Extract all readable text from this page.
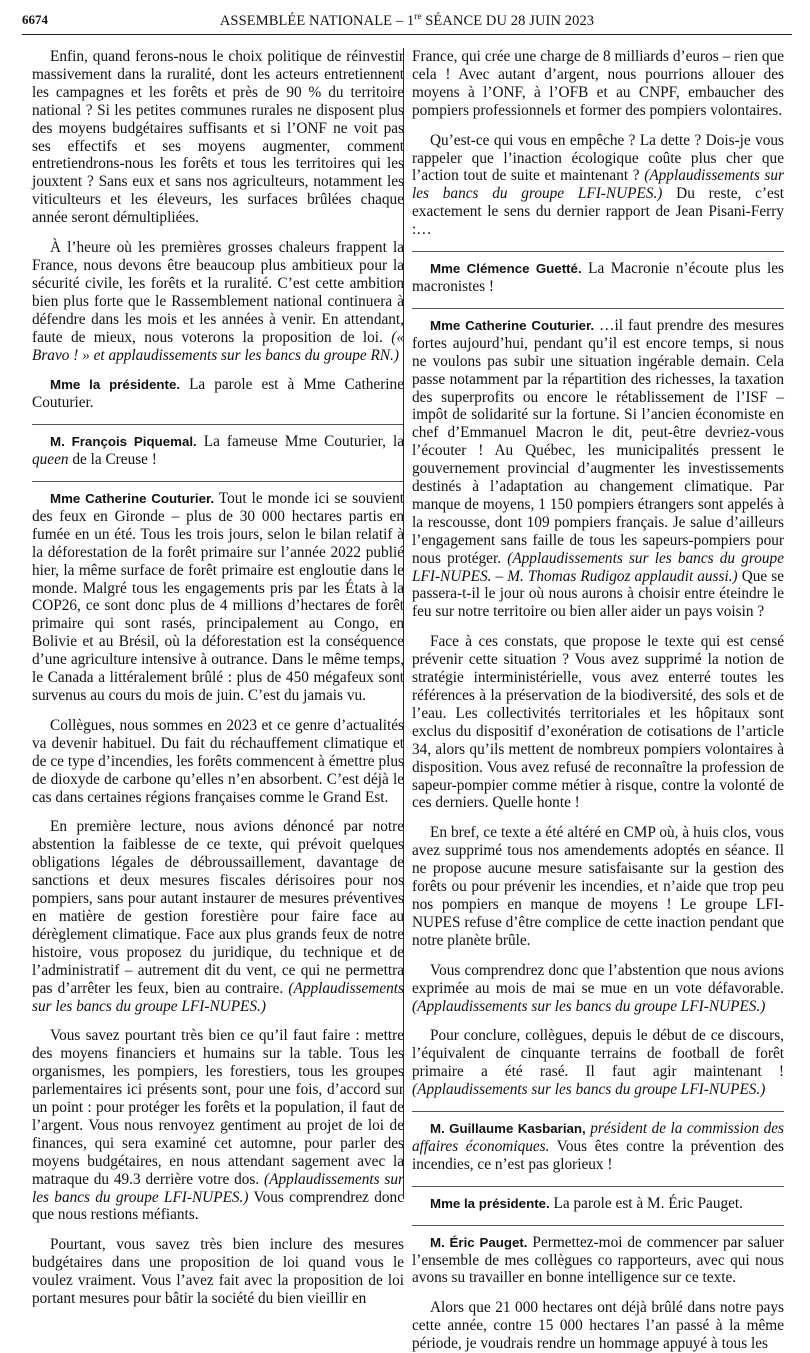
6674	ASSEMBLÉE NATIONALE – 1re SÉANCE DU 28 JUIN 2023

Enfin, quand ferons-nous le choix politique de réinvestir massivement dans la ruralité, dont les acteurs entretiennent les campagnes et les forêts et près de 90 % du territoire national ? Si les petites communes rurales ne disposent plus des moyens budgétaires suffisants et si l’ONF ne voit pas ses effectifs et ses moyens augmenter, comment entretiendrons-nous les forêts et tous les territoires qui les jouxtent ? Sans eux et sans nos agriculteurs, notamment les viticulteurs et les éleveurs, les surfaces brûlées chaque année seront démultipliées.

À l’heure où les premières grosses chaleurs frappent la France, nous devons être beaucoup plus ambitieux pour la sécurité civile, les forêts et la ruralité. C’est cette ambition bien plus forte que le Rassemblement national continuera à défendre dans les mois et les années à venir. En attendant, faute de mieux, nous voterons la proposition de loi. (« Bravo ! » et applaudissements sur les bancs du groupe RN.)

Mme la présidente. La parole est à Mme Catherine Couturier.

M. François Piquemal. La fameuse Mme Couturier, la queen de la Creuse !

Mme Catherine Couturier. Tout le monde ici se souvient des feux en Gironde – plus de 30 000 hectares partis en fumée en un été. Tous les trois jours, selon le bilan relatif à la déforestation de la forêt primaire sur l’année 2022 publié hier, la même surface de forêt primaire est engloutie dans le monde. Malgré tous les engagements pris par les États à la COP26, ce sont donc plus de 4 millions d’hectares de forêt primaire qui sont rasés, principalement au Congo, en Bolivie et au Brésil, où la déforestation est la conséquence d’une agriculture intensive à outrance. Dans le même temps, le Canada a littéralement brûlé : plus de 450 mégafeux sont survenus au cours du mois de juin. C’est du jamais vu.

Collègues, nous sommes en 2023 et ce genre d’actualités va devenir habituel. Du fait du réchauffement climatique et de ce type d’incendies, les forêts commencent à émettre plus de dioxyde de carbone qu’elles n’en absorbent. C’est déjà le cas dans certaines régions françaises comme le Grand Est.

En première lecture, nous avions dénoncé par notre abstention la faiblesse de ce texte, qui prévoit quelques obligations légales de débroussaillement, davantage de sanctions et deux mesures fiscales dérisoires pour nos pompiers, sans pour autant instaurer de mesures préventives en matière de gestion forestière pour faire face au dérèglement climatique. Face aux plus grands feux de notre histoire, vous proposez du juridique, du technique et de l’administratif – autrement dit du vent, ce qui ne permettra pas d’arrêter les feux, bien au contraire. (Applaudissements sur les bancs du groupe LFI-NUPES.)

Vous savez pourtant très bien ce qu’il faut faire : mettre des moyens financiers et humains sur la table. Tous les organismes, les pompiers, les forestiers, tous les groupes parlementaires ici présents sont, pour une fois, d’accord sur un point : pour protéger les forêts et la population, il faut de l’argent. Vous nous renvoyez gentiment au projet de loi de finances, qui sera examiné cet automne, pour parler des moyens budgétaires, en nous attendant sagement avec la matraque du 49.3 derrière votre dos. (Applaudissements sur les bancs du groupe LFI-NUPES.) Vous comprendrez donc que nous restions méfiants.

Pourtant, vous savez très bien inclure des mesures budgétaires dans une proposition de loi quand vous le voulez vraiment. Vous l’avez fait avec la proposition de loi portant mesures pour bâtir la société du bien vieillir en

France, qui crée une charge de 8 milliards d’euros – rien que cela ! Avec autant d’argent, nous pourrions allouer des moyens à l’ONF, à l’OFB et au CNPF, embaucher des pompiers professionnels et former des pompiers volontaires.

Qu’est-ce qui vous en empêche ? La dette ? Dois-je vous rappeler que l’inaction écologique coûte plus cher que l’action tout de suite et maintenant ? (Applaudissements sur les bancs du groupe LFI-NUPES.) Du reste, c’est exactement le sens du dernier rapport de Jean Pisani-Ferry :…

Mme Clémence Guetté. La Macronie n’écoute plus les macronistes !

Mme Catherine Couturier. …il faut prendre des mesures fortes aujourd’hui, pendant qu’il est encore temps, si nous ne voulons pas subir une situation ingérable demain. Cela passe notamment par la répartition des richesses, la taxation des superprofits ou encore le rétablissement de l’ISF – impôt de solidarité sur la fortune. Si l’ancien économiste en chef d’Emmanuel Macron le dit, peut-être devriez-vous l’écouter ! Au Québec, les municipalités pressent le gouvernement provincial d’augmenter les investissements destinés à l’adaptation au changement climatique. Par manque de moyens, 1 150 pompiers étrangers sont appelés à la rescousse, dont 109 pompiers français. Je salue d’ailleurs l’engagement sans faille de tous les sapeurs-pompiers pour nous protéger. (Applaudissements sur les bancs du groupe LFI-NUPES. – M. Thomas Rudigoz applaudit aussi.) Que se passera-t-il le jour où nous aurons à choisir entre éteindre le feu sur notre territoire ou bien aller aider un pays voisin ?

Face à ces constats, que propose le texte qui est censé prévenir cette situation ? Vous avez supprimé la notion de stratégie interministérielle, vous avez enterré toutes les références à la préservation de la biodiversité, des sols et de l’eau. Les collectivités territoriales et les hôpitaux sont exclus du dispositif d’exonération de cotisations de l’article 34, alors qu’ils mettent de nombreux pompiers volontaires à disposition. Vous avez refusé de reconnaître la profession de sapeur-pompier comme métier à risque, contre la volonté de ces derniers. Quelle honte !

En bref, ce texte a été altéré en CMP où, à huis clos, vous avez supprimé tous nos amendements adoptés en séance. Il ne propose aucune mesure satisfaisante sur la gestion des forêts ou pour prévenir les incendies, et n’aide que trop peu nos pompiers en manque de moyens ! Le groupe LFI-NUPES refuse d’être complice de cette inaction pendant que notre planète brûle.

Vous comprendrez donc que l’abstention que nous avions exprimée au mois de mai se mue en un vote défavorable. (Applaudissements sur les bancs du groupe LFI-NUPES.)

Pour conclure, collègues, depuis le début de ce discours, l’équivalent de cinquante terrains de football de forêt primaire a été rasé. Il faut agir maintenant ! (Applaudissements sur les bancs du groupe LFI-NUPES.)

M. Guillaume Kasbarian, président de la commission des affaires économiques. Vous êtes contre la prévention des incendies, ce n’est pas glorieux !

Mme la présidente. La parole est à M. Éric Pauget.

M. Éric Pauget. Permettez-moi de commencer par saluer l’ensemble de mes collègues co rapporteurs, avec qui nous avons su travailler en bonne intelligence sur ce texte.

Alors que 21 000 hectares ont déjà brûlé dans notre pays cette année, contre 15 000 hectares l’an passé à la même période, je voudrais rendre un hommage appuyé à tous les
